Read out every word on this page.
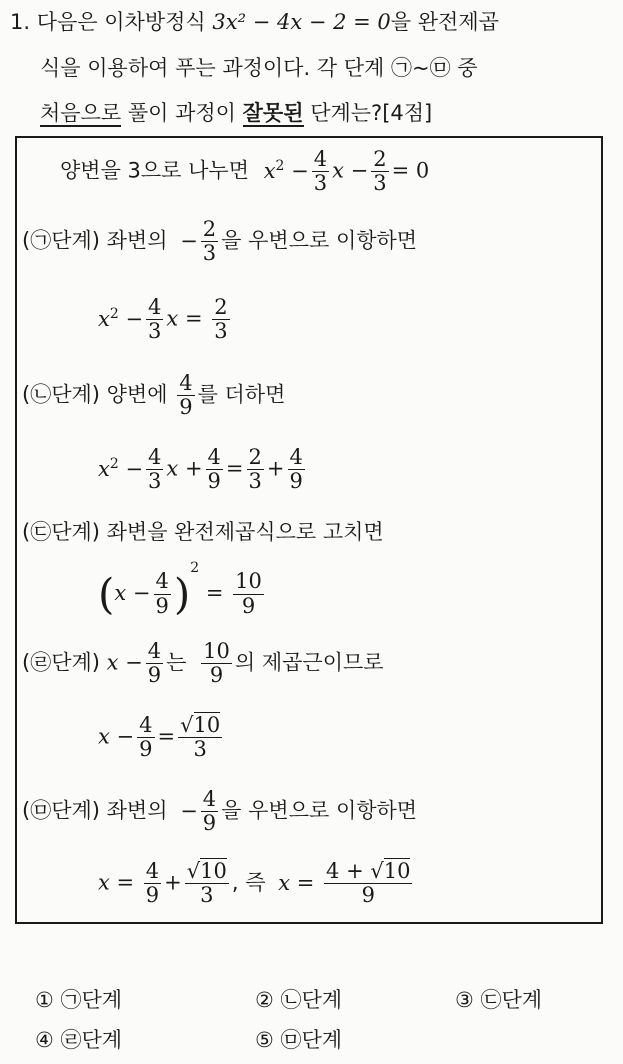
1. 다음은 이차방정식 3x² − 4x − 2 = 0을 완전제곱
식을 이용하여 푸는 과정이다. 각 단계 ㉠~㉤ 중
처음으로 풀이 과정이 잘못된 단계는?[4점]
양변을 3으로 나누면 $x^2 - \frac{4}{3}$ $x - \frac{2}{3} = 0$
(㉠단계) 좌변의 − $\frac{2}{3}$ 을 우변으로 이항하면
$x^2 - \frac{4}{3}$ $x = \frac{2}{3}$
(㉡단계) 양변에 $\frac{4}{9}$ 를 더하면
$x^2 - \frac{4}{3}$ $x + \frac{4}{9} = \frac{2}{3} + \frac{4}{9}$
(㉢단계) 좌변을 완전제곱식으로 고치면
$(x - \frac{4}{9} )^2 = \frac{10}{9}$
(㉣단계) $x - \frac{4}{9}$ 는 $\frac{10}{9}$ 의 제곱근이므로
$x - \frac{4}{9} = \frac{√10}{3}$
(㉤단계) 좌변의 − $\frac{4}{9}$ 을 우변으로 이항하면
$x = \frac{4}{9} + \frac{√10}{3}$ , 즉 $x = \frac{4 + √10}{9}$
① ㉠단계	② ㉡단계	③ ㉢단계
④ ㉣단계	⑤ ㉤단계
